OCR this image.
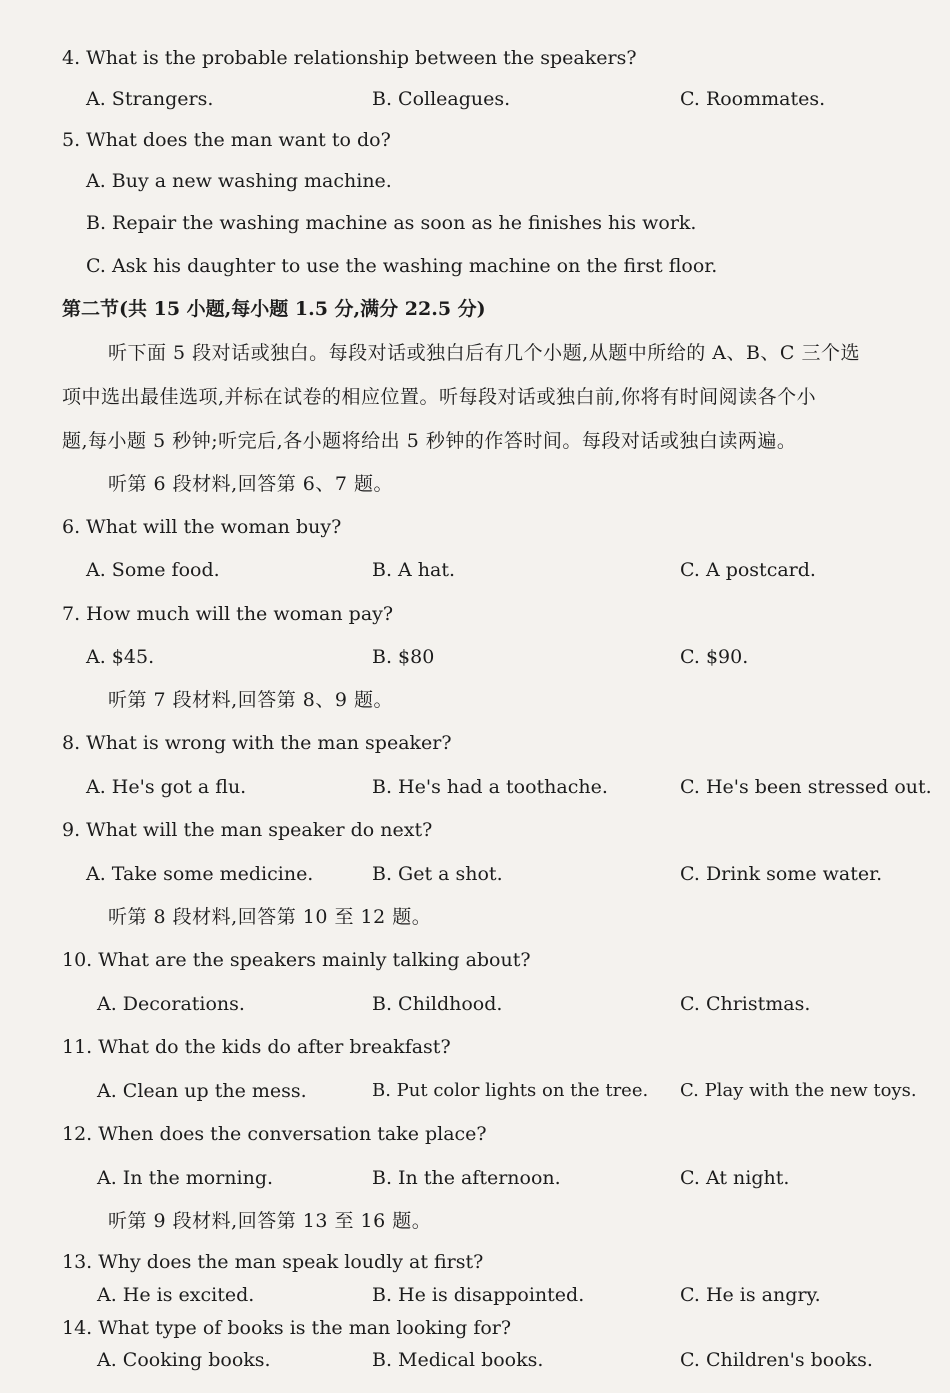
4. What is the probable relationship between the speakers?
A. Strangers.	B. Colleagues.	C. Roommates.
5. What does the man want to do?
A. Buy a new washing machine.
B. Repair the washing machine as soon as he finishes his work.
C. Ask his daughter to use the washing machine on the first floor.
第二节(共 15 小题,每小题 1.5 分,满分 22.5 分)
听下面 5 段对话或独白。每段对话或独白后有几个小题,从题中所给的 A、B、C 三个选
项中选出最佳选项,并标在试卷的相应位置。听每段对话或独白前,你将有时间阅读各个小
题,每小题 5 秒钟;听完后,各小题将给出 5 秒钟的作答时间。每段对话或独白读两遍。
听第 6 段材料,回答第 6、7 题。
6. What will the woman buy?
A. Some food.	B. A hat.	C. A postcard.
7. How much will the woman pay?
A. $45.	B. $80	C. $90.
听第 7 段材料,回答第 8、9 题。
8. What is wrong with the man speaker?
A. He's got a flu.	B. He's had a toothache.	C. He's been stressed out.
9. What will the man speaker do next?
A. Take some medicine.	B. Get a shot.	C. Drink some water.
听第 8 段材料,回答第 10 至 12 题。
10. What are the speakers mainly talking about?
A. Decorations.	B. Childhood.	C. Christmas.
11. What do the kids do after breakfast?
A. Clean up the mess.	B. Put color lights on the tree. C. Play with the new toys.
12. When does the conversation take place?
A. In the morning.	B. In the afternoon.	C. At night.
听第 9 段材料,回答第 13 至 16 题。
13. Why does the man speak loudly at first?
A. He is excited.	B. He is disappointed.	C. He is angry.
14. What type of books is the man looking for?
A. Cooking books.	B. Medical books.	C. Children's books.
